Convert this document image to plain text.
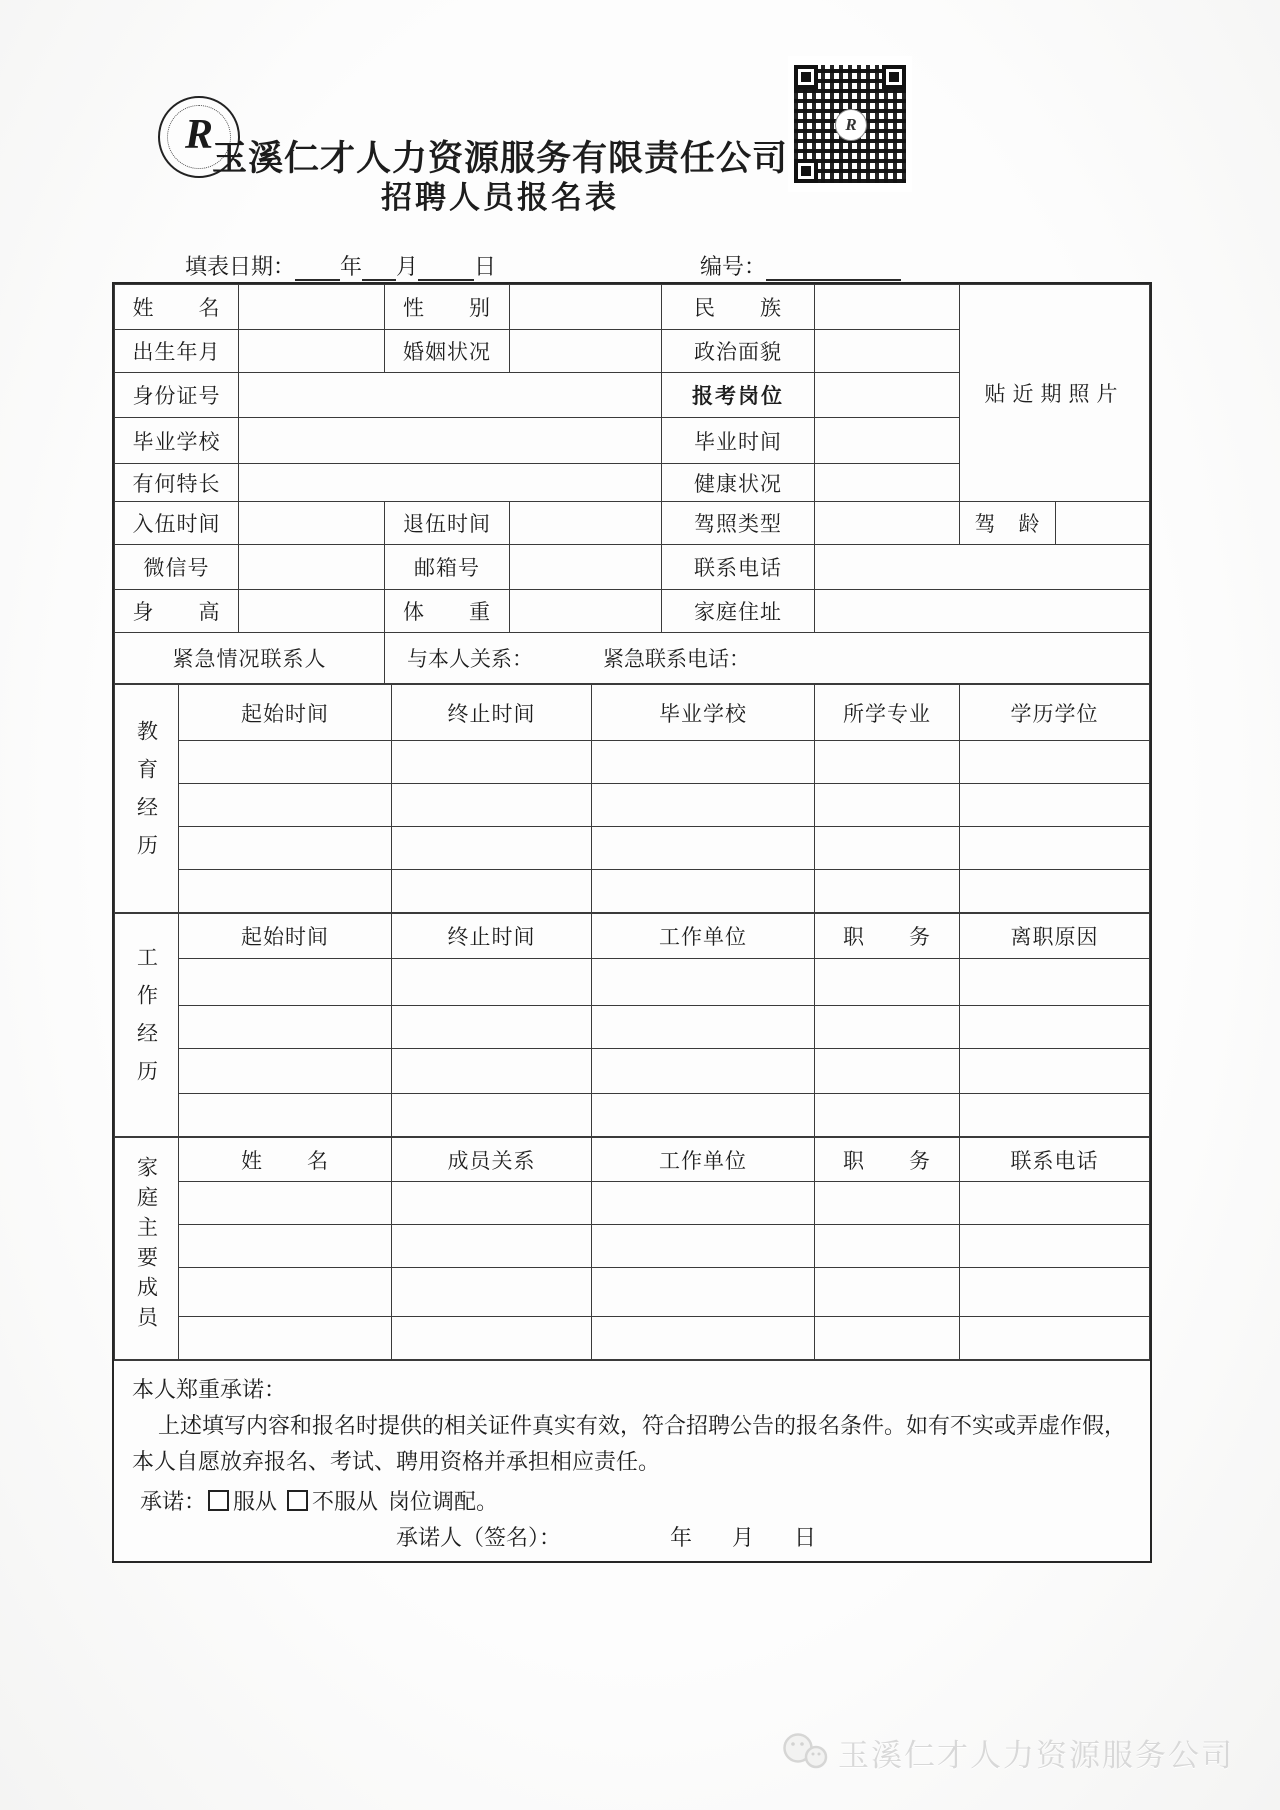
R
玉溪仁才人力资源服务有限责任公司
招聘人员报名表
R
填表日期： 年 月	日	编号：
姓　　名		性　　别		民　　族		贴近期照片	
出生年月		婚姻状况		政治面貌			
身份证号				报考岗位			
毕业学校				毕业时间			
有何特长				健康状况			
入伍时间		退伍时间		驾照类型		驾　龄	
微信号		邮箱号		联系电话			
身　　高		体　　重		家庭住址			
紧急情况联系人		与本人关系： 紧急联系电话：					
教育经历	起始时间	终止时间	毕业学校	所学专业	学历学位

工作经历	起始时间	终止时间	工作单位	职　　务	离职原因

家庭主要成员	姓　　名	成员关系	工作单位	职　　务	联系电话

本人郑重承诺：
上述填写内容和报名时提供的相关证件真实有效，符合招聘公告的报名条件。如有不实或弄虚作假，
本人自愿放弃报名、考试、聘用资格并承担相应责任。
承诺： 服从 不服从 岗位调配。
承诺人（签名）：	年 月 日
玉溪仁才人力资源服务公司
